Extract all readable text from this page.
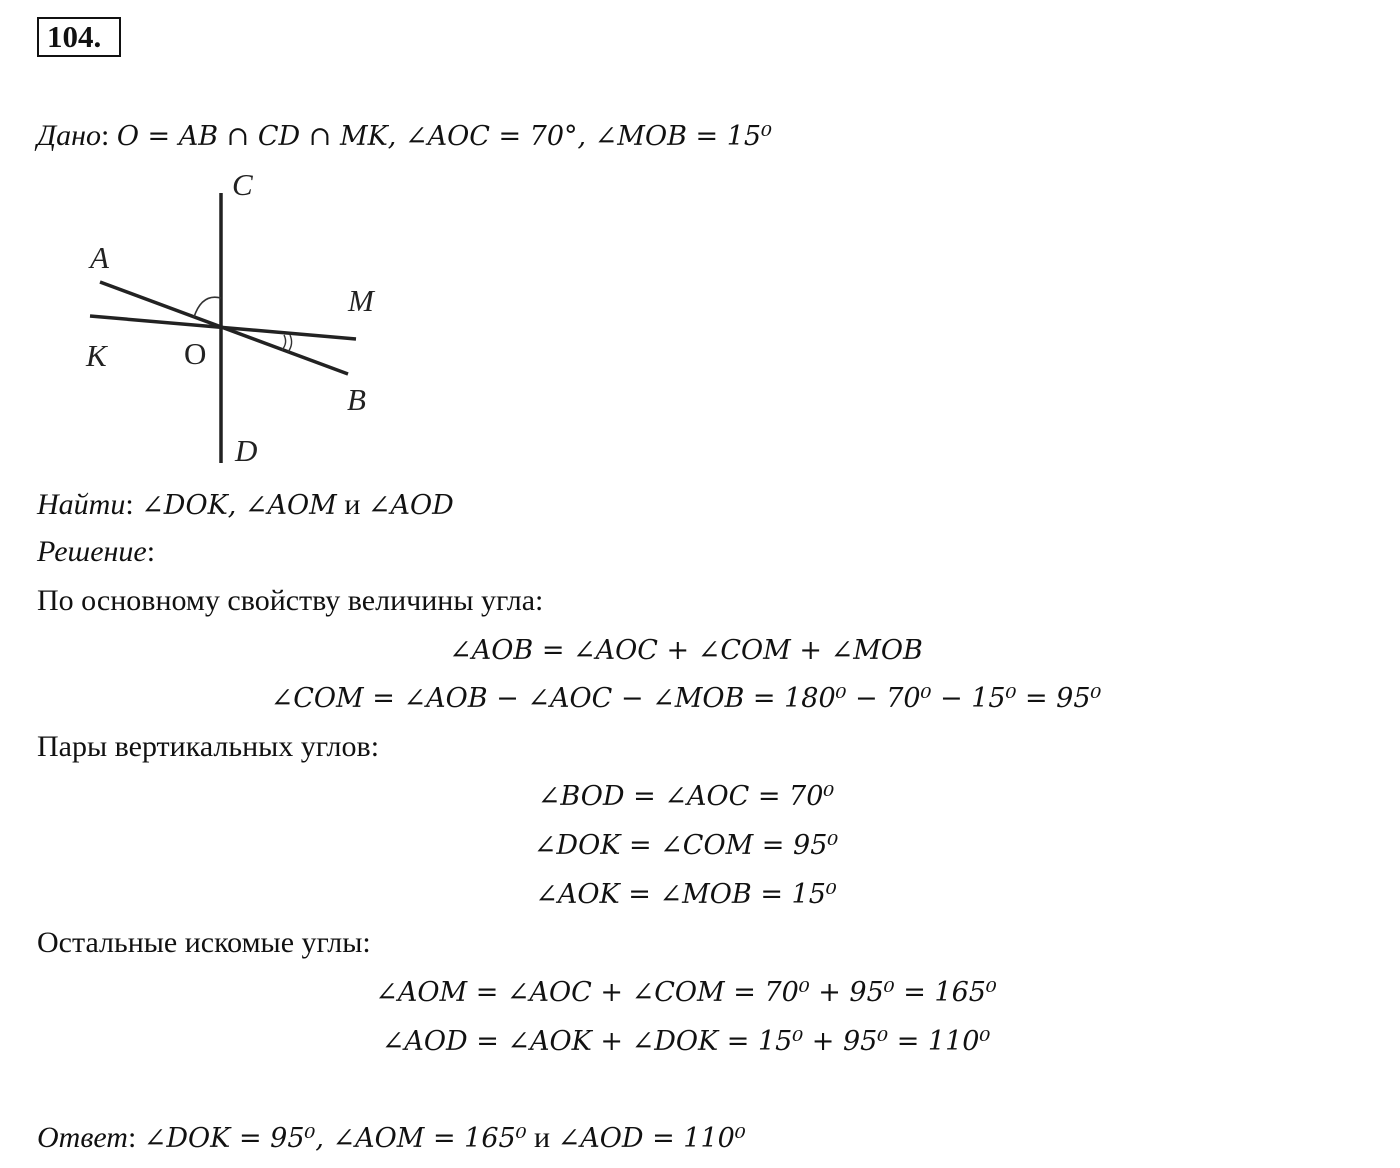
104.
Дано: O = AB ∩ CD ∩ MK, ∠AOC = 70°, ∠MOB = 15⁰
C
A
M
K O
B
D
Найти: ∠DOK, ∠AOM и ∠AOD
Решение:
По основному свойству величины угла:
∠AOB = ∠AOC + ∠COM + ∠MOB
∠COM = ∠AOB − ∠AOC − ∠MOB = 180⁰ − 70⁰ − 15⁰ = 95⁰
Пары вертикальных углов:
∠BOD = ∠AOC = 70⁰
∠DOK = ∠COM = 95⁰
∠AOK = ∠MOB = 15⁰
Остальные искомые углы:
∠AOM = ∠AOC + ∠COM = 70⁰ + 95⁰ = 165⁰
∠AOD = ∠AOK + ∠DOK = 15⁰ + 95⁰ = 110⁰
Ответ: ∠DOK = 95⁰, ∠AOM = 165⁰ и ∠AOD = 110⁰
